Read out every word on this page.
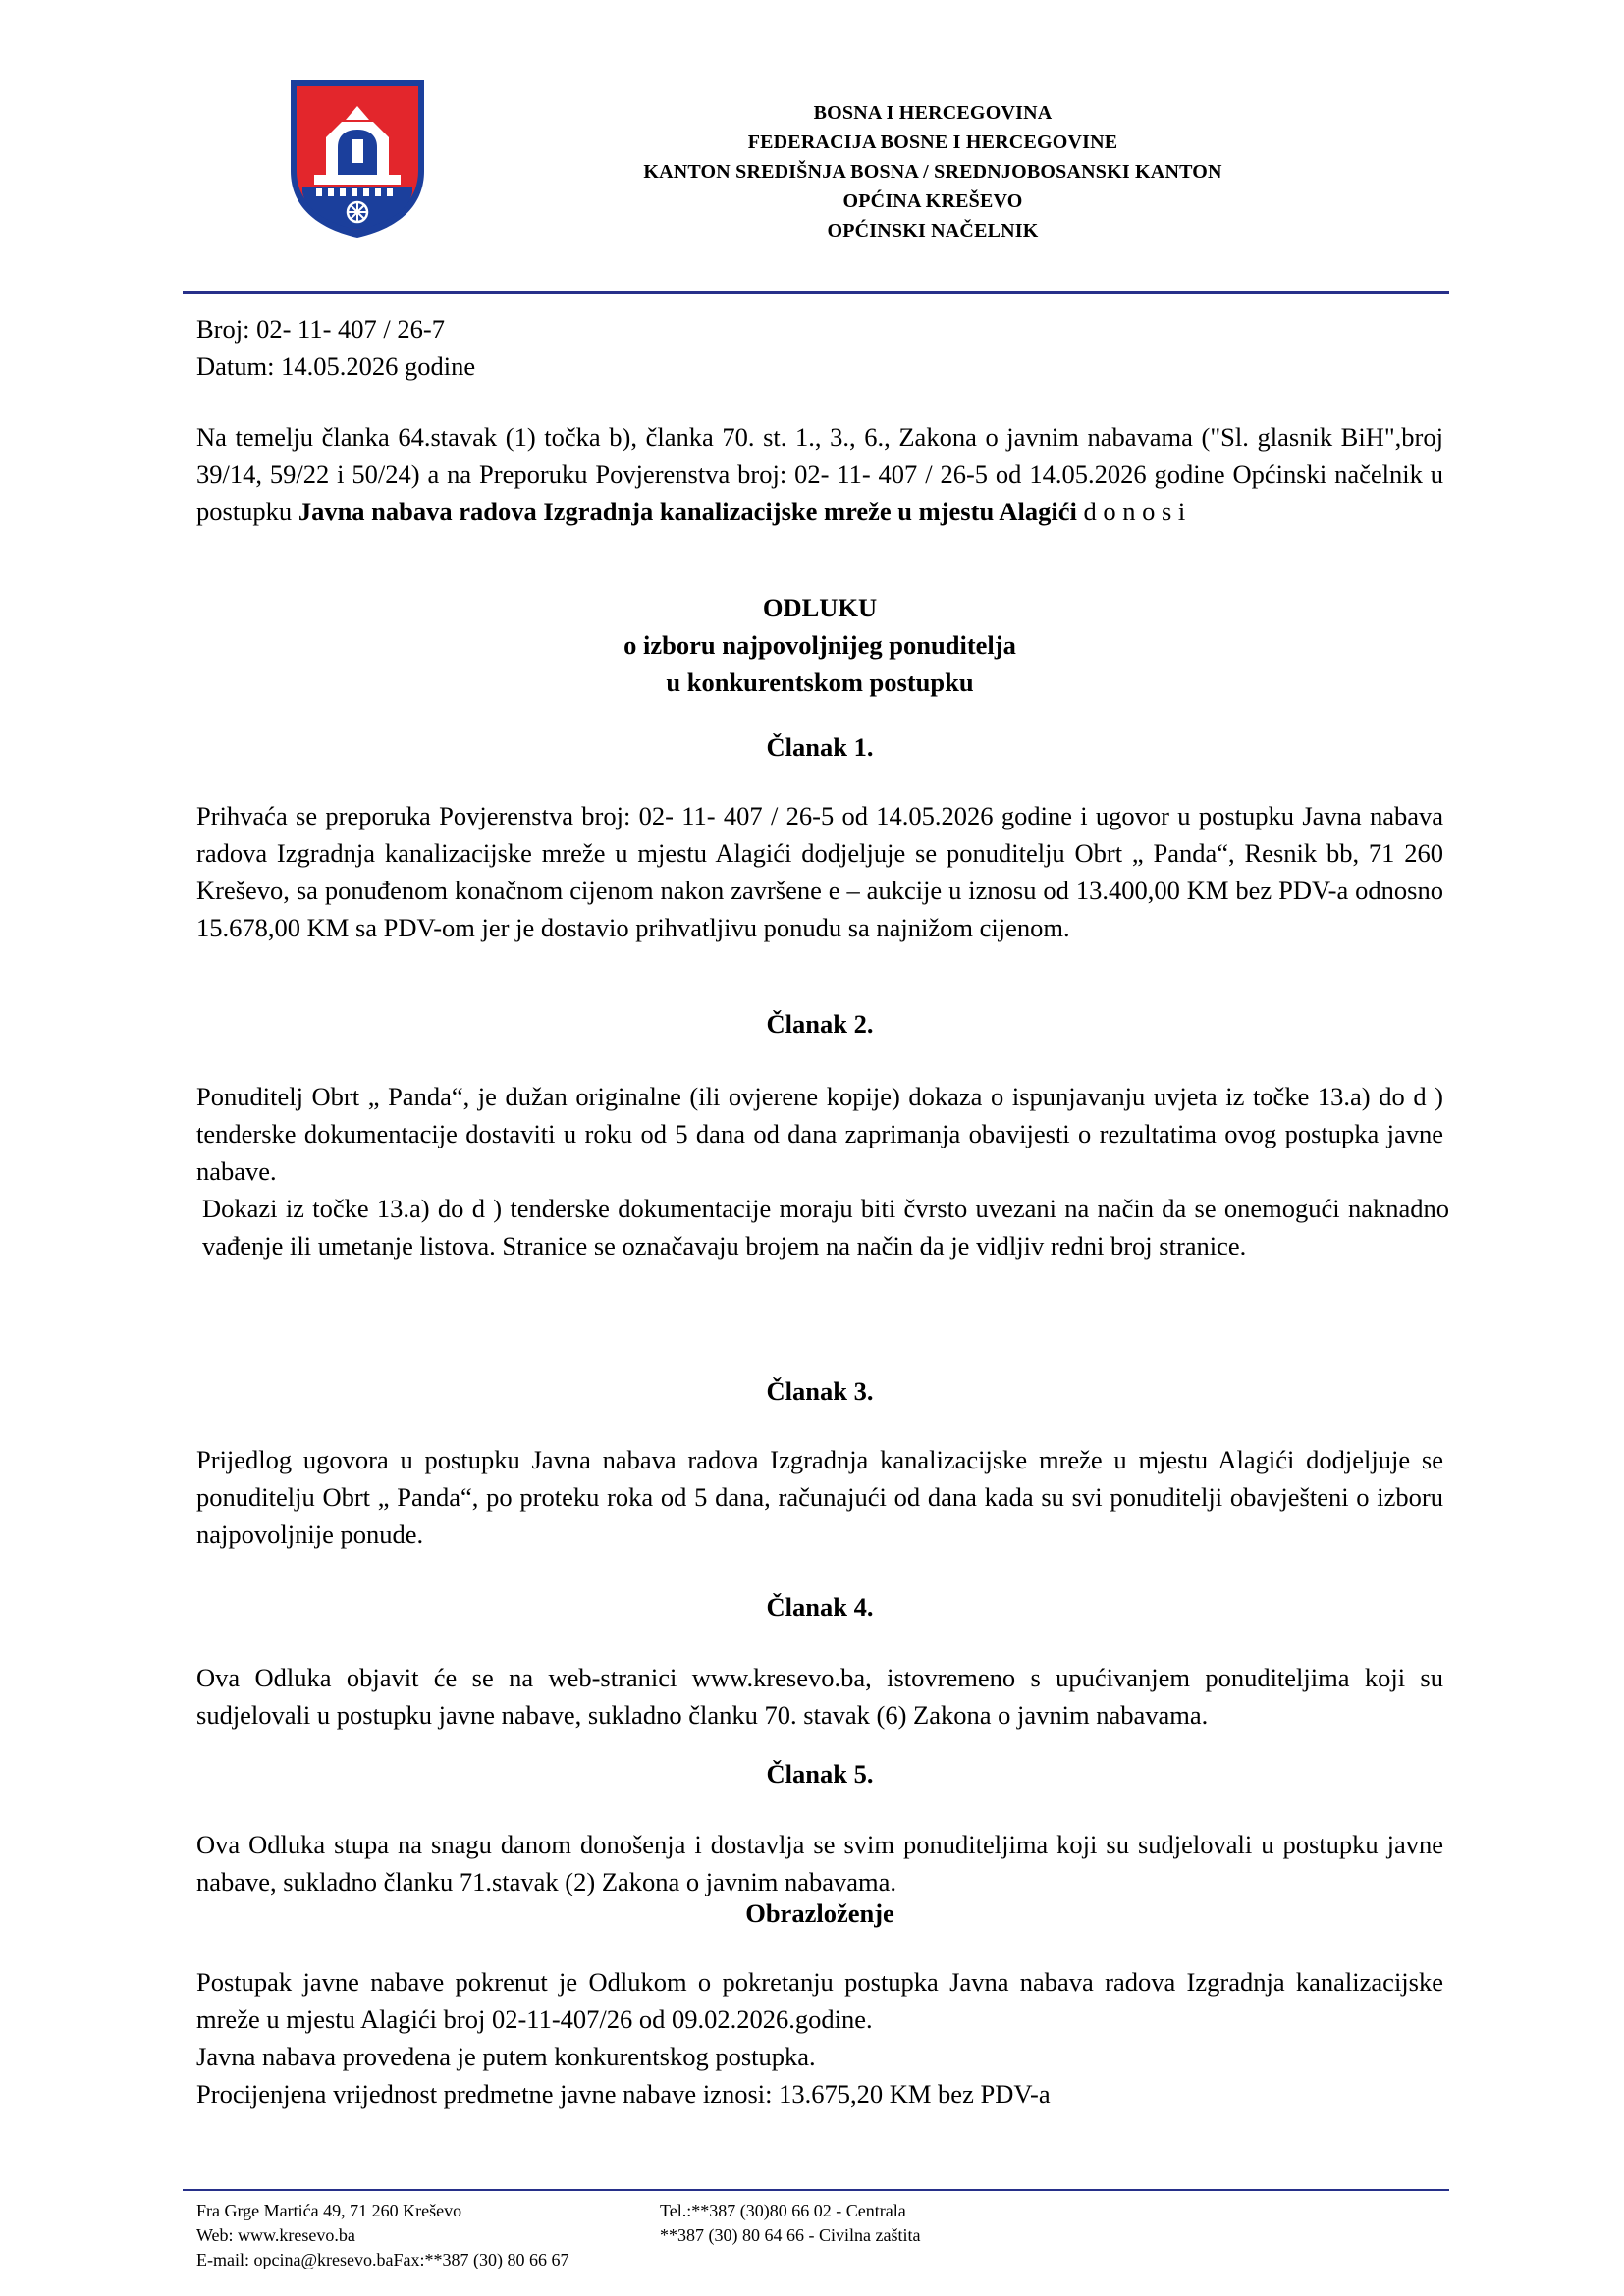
BOSNA I HERCEGOVINA
FEDERACIJA BOSNE I HERCEGOVINE
KANTON SREDIŠNJA BOSNA / SREDNJOBOSANSKI KANTON
OPĆINA KREŠEVO
OPĆINSKI NAČELNIK
Broj: 02- 11- 407 / 26-7
Datum: 14.05.2026 godine
Na temelju članka 64.stavak (1) točka b), članka 70. st. 1., 3., 6., Zakona o javnim nabavama ("Sl. glasnik BiH",broj 39/14, 59/22 i 50/24) a na Preporuku Povjerenstva broj: 02- 11- 407 / 26-5 od 14.05.2026 godine Općinski načelnik u postupku Javna nabava radova Izgradnja kanalizacijske mreže u mjestu Alagići d o n o s i
ODLUKU
o izboru najpovoljnijeg ponuditelja
u konkurentskom postupku
Članak 1.
Prihvaća se preporuka Povjerenstva broj: 02- 11- 407 / 26-5 od 14.05.2026 godine i ugovor u postupku Javna nabava radova Izgradnja kanalizacijske mreže u mjestu Alagići dodjeljuje se ponuditelju Obrt „ Panda“, Resnik bb, 71 260 Kreševo, sa ponuđenom konačnom cijenom nakon završene e – aukcije u iznosu od 13.400,00 KM bez PDV-a odnosno 15.678,00 KM sa PDV-om jer je dostavio prihvatljivu ponudu sa najnižom cijenom.
Članak 2.
Ponuditelj Obrt „ Panda“, je dužan originalne (ili ovjerene kopije) dokaza o ispunjavanju uvjeta iz točke 13.a) do d ) tenderske dokumentacije dostaviti u roku od 5 dana od dana zaprimanja obavijesti o rezultatima ovog postupka javne nabave.
Dokazi iz točke 13.a) do d ) tenderske dokumentacije moraju biti čvrsto uvezani na način da se onemogući naknadno vađenje ili umetanje listova. Stranice se označavaju brojem na način da je vidljiv redni broj stranice.
Članak 3.
Prijedlog ugovora u postupku Javna nabava radova Izgradnja kanalizacijske mreže u mjestu Alagići dodjeljuje se ponuditelju Obrt „ Panda“, po proteku roka od 5 dana, računajući od dana kada su svi ponuditelji obavješteni o izboru najpovoljnije ponude.
Članak 4.
Ova Odluka objavit će se na web-stranici www.kresevo.ba, istovremeno s upućivanjem ponuditeljima koji su sudjelovali u postupku javne nabave, sukladno članku 70. stavak (6) Zakona o javnim nabavama.
Članak 5.
Ova Odluka stupa na snagu danom donošenja i dostavlja se svim ponuditeljima koji su sudjelovali u postupku javne nabave, sukladno članku 71.stavak (2) Zakona o javnim nabavama.
Obrazloženje
Postupak javne nabave pokrenut je Odlukom o pokretanju postupka Javna nabava radova Izgradnja kanalizacijske mreže u mjestu Alagići broj 02-11-407/26 od 09.02.2026.godine.
Javna nabava provedena je putem konkurentskog postupka.
Procijenjena vrijednost predmetne javne nabave iznosi: 13.675,20 KM bez PDV-a
Fra Grge Martića 49, 71 260 Kreševo
Web: www.kresevo.ba
E-mail: opcina@kresevo.baFax:**387 (30) 80 66 67
Tel.:**387 (30)80 66 02 - Centrala
**387 (30) 80 64 66 - Civilna zaštita
